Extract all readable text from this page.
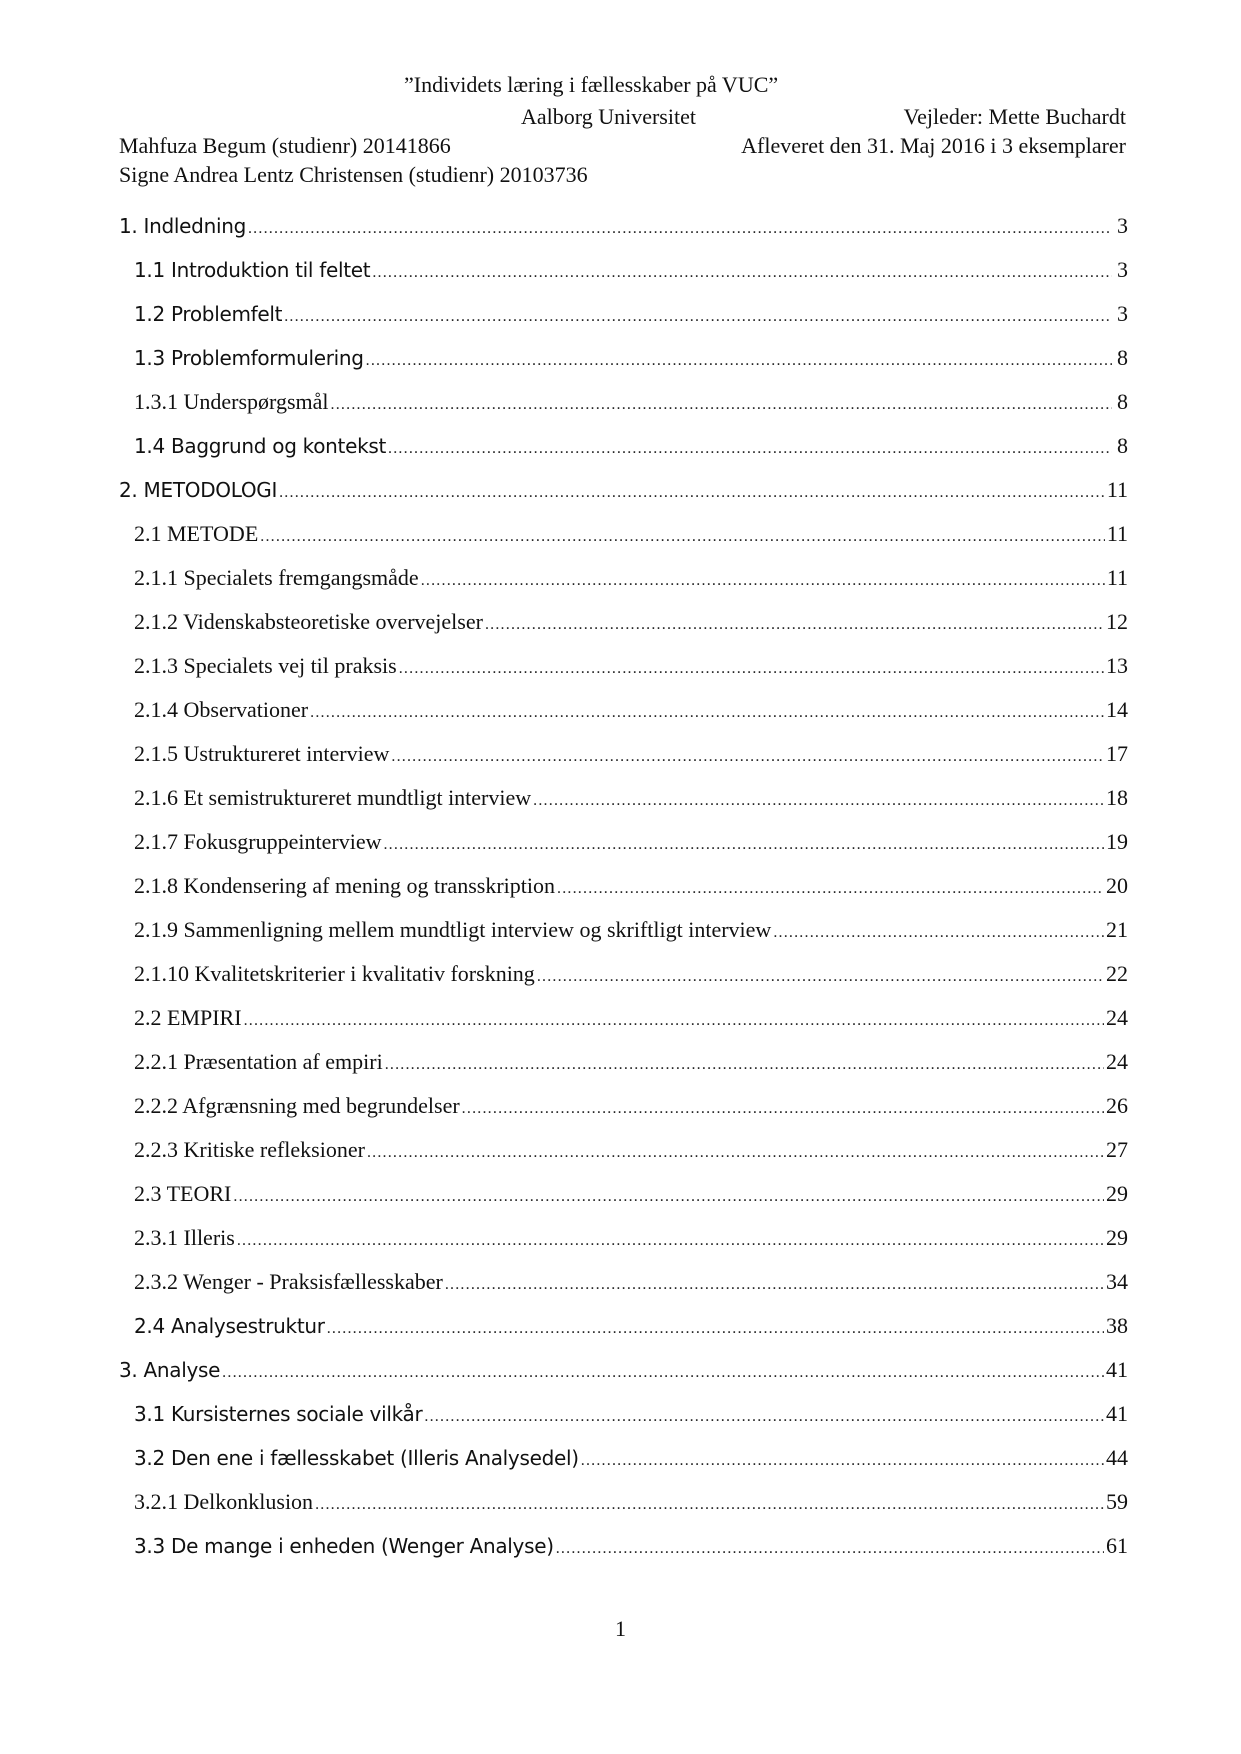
”Individets læring i fællesskaber på VUC”
Aalborg Universitet	Vejleder: Mette Buchardt
Mahfuza Begum (studienr) 20141866	Afleveret den 31. Maj 2016 i 3 eksemplarer
Signe Andrea Lentz Christensen (studienr) 20103736
1. Indledning .....	3
1.1 Introduktion til feltet .....	3
1.2 Problemfelt .....	3
1.3 Problemformulering .....	8
1.3.1 Underspørgsmål .....	8
1.4 Baggrund og kontekst .....	8
2. METODOLOGI .....	11
2.1 METODE .....	11
2.1.1 Specialets fremgangsmåde .....	11
2.1.2 Videnskabsteoretiske overvejelser .....	12
2.1.3 Specialets vej til praksis .....	13
2.1.4 Observationer .....	14
2.1.5 Ustruktureret interview .....	17
2.1.6 Et semistruktureret mundtligt interview .....	18
2.1.7 Fokusgruppeinterview .....	19
2.1.8 Kondensering af mening og transskription .....	20
2.1.9 Sammenligning mellem mundtligt interview og skriftligt interview .....	21
2.1.10 Kvalitetskriterier i kvalitativ forskning .....	22
2.2 EMPIRI .....	24
2.2.1 Præsentation af empiri .....	24
2.2.2 Afgrænsning med begrundelser .....	26
2.2.3 Kritiske refleksioner .....	27
2.3 TEORI .....	29
2.3.1 Illeris .....	29
2.3.2 Wenger - Praksisfællesskaber .....	34
2.4 Analysestruktur .....	38
3. Analyse .....	41
3.1 Kursisternes sociale vilkår .....	41
3.2 Den ene i fællesskabet (Illeris Analysedel) .....	44
3.2.1 Delkonklusion .....	59
3.3 De mange i enheden (Wenger Analyse) .....	61
1
